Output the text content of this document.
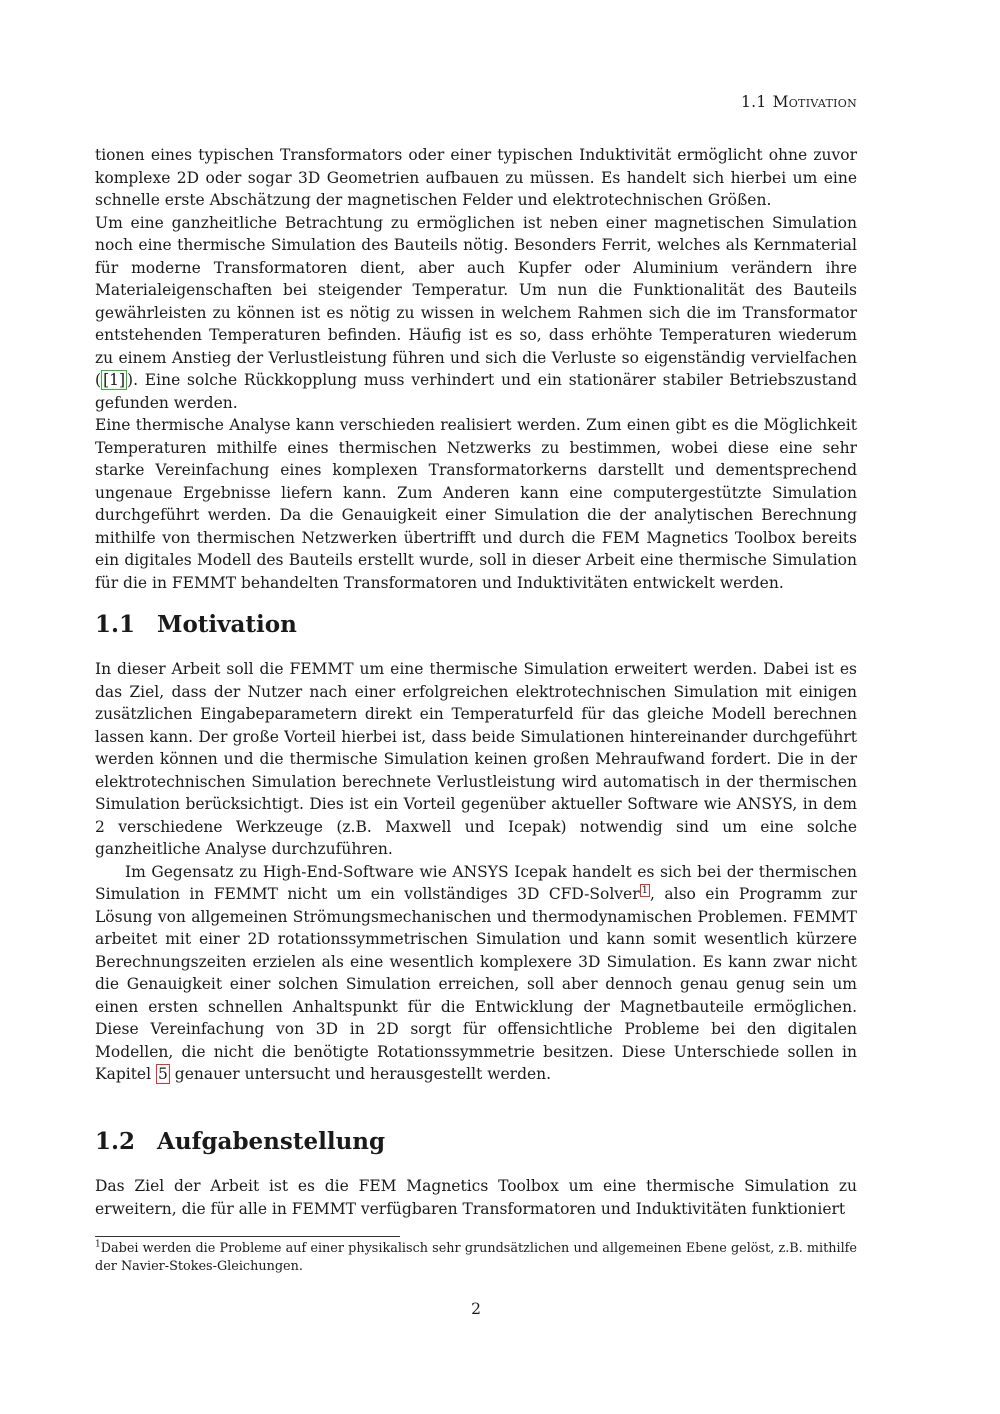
1.1 Motivation

tionen eines typischen Transformators oder einer typischen Induktivität ermöglicht ohne zuvor komplexe 2D oder sogar 3D Geometrien aufbauen zu müssen. Es handelt sich hierbei um eine schnelle erste Abschätzung der magnetischen Felder und elektrotechnischen Größen.

Um eine ganzheitliche Betrachtung zu ermöglichen ist neben einer magnetischen Simulation noch eine thermische Simulation des Bauteils nötig. Besonders Ferrit, welches als Kernmaterial für moderne Transformatoren dient, aber auch Kupfer oder Aluminium verändern ihre Materialeigenschaften bei steigender Temperatur. Um nun die Funktionalität des Bauteils gewährleisten zu können ist es nötig zu wissen in welchem Rahmen sich die im Transformator entstehenden Temperaturen befinden. Häufig ist es so, dass erhöhte Temperaturen wiederum zu einem Anstieg der Verlustleistung führen und sich die Verluste so eigenständig vervielfachen ( [1] ). Eine solche Rückkopplung muss verhindert und ein stationärer stabiler Betriebszustand gefunden werden.

Eine thermische Analyse kann verschieden realisiert werden. Zum einen gibt es die Möglichkeit Temperaturen mithilfe eines thermischen Netzwerks zu bestimmen, wobei diese eine sehr starke Vereinfachung eines komplexen Transformatorkerns darstellt und dementsprechend ungenaue Ergebnisse liefern kann. Zum Anderen kann eine computergestützte Simulation durchgeführt werden. Da die Genauigkeit einer Simulation die der analytischen Berechnung mithilfe von thermischen Netzwerken übertrifft und durch die FEM Magnetics Toolbox bereits ein digitales Modell des Bauteils erstellt wurde, soll in dieser Arbeit eine thermische Simulation für die in FEMMT behandelten Transformatoren und Induktivitäten entwickelt werden.

1.1 Motivation

In dieser Arbeit soll die FEMMT um eine thermische Simulation erweitert werden. Dabei ist es das Ziel, dass der Nutzer nach einer erfolgreichen elektrotechnischen Simulation mit einigen zusätzlichen Eingabeparametern direkt ein Temperaturfeld für das gleiche Modell berechnen lassen kann. Der große Vorteil hierbei ist, dass beide Simulationen hintereinander durchgeführt werden können und die thermische Simulation keinen großen Mehraufwand fordert. Die in der elektrotechnischen Simulation berechnete Verlustleistung wird automatisch in der thermischen Simulation berücksichtigt. Dies ist ein Vorteil gegenüber aktueller Software wie ANSYS, in dem 2 verschiedene Werkzeuge (z.B. Maxwell und Icepak) notwendig sind um eine solche ganzheitliche Analyse durchzuführen.

Im Gegensatz zu High-End-Software wie ANSYS Icepak handelt es sich bei der thermischen Simulation in FEMMT nicht um ein vollständiges 3D CFD-Solver $^1$ , also ein Programm zur Lösung von allgemeinen Strömungsmechanischen und thermodynamischen Problemen. FEMMT arbeitet mit einer 2D rotationssymmetrischen Simulation und kann somit wesentlich kürzere Berechnungszeiten erzielen als eine wesentlich komplexere 3D Simulation. Es kann zwar nicht die Genauigkeit einer solchen Simulation erreichen, soll aber dennoch genau genug sein um einen ersten schnellen Anhaltspunkt für die Entwicklung der Magnetbauteile ermöglichen. Diese Vereinfachung von 3D in 2D sorgt für offensichtliche Probleme bei den digitalen Modellen, die nicht die benötigte Rotationssymmetrie besitzen. Diese Unterschiede sollen in Kapitel 5 genauer untersucht und herausgestellt werden.

1.2 Aufgabenstellung

Das Ziel der Arbeit ist es die FEM Magnetics Toolbox um eine thermische Simulation zu erweitern, die für alle in FEMMT verfügbaren Transformatoren und Induktivitäten funktioniert

$^1$Dabei werden die Probleme auf einer physikalisch sehr grundsätzlichen und allgemeinen Ebene gelöst, z.B. mithilfe der Navier-Stokes-Gleichungen.
2
